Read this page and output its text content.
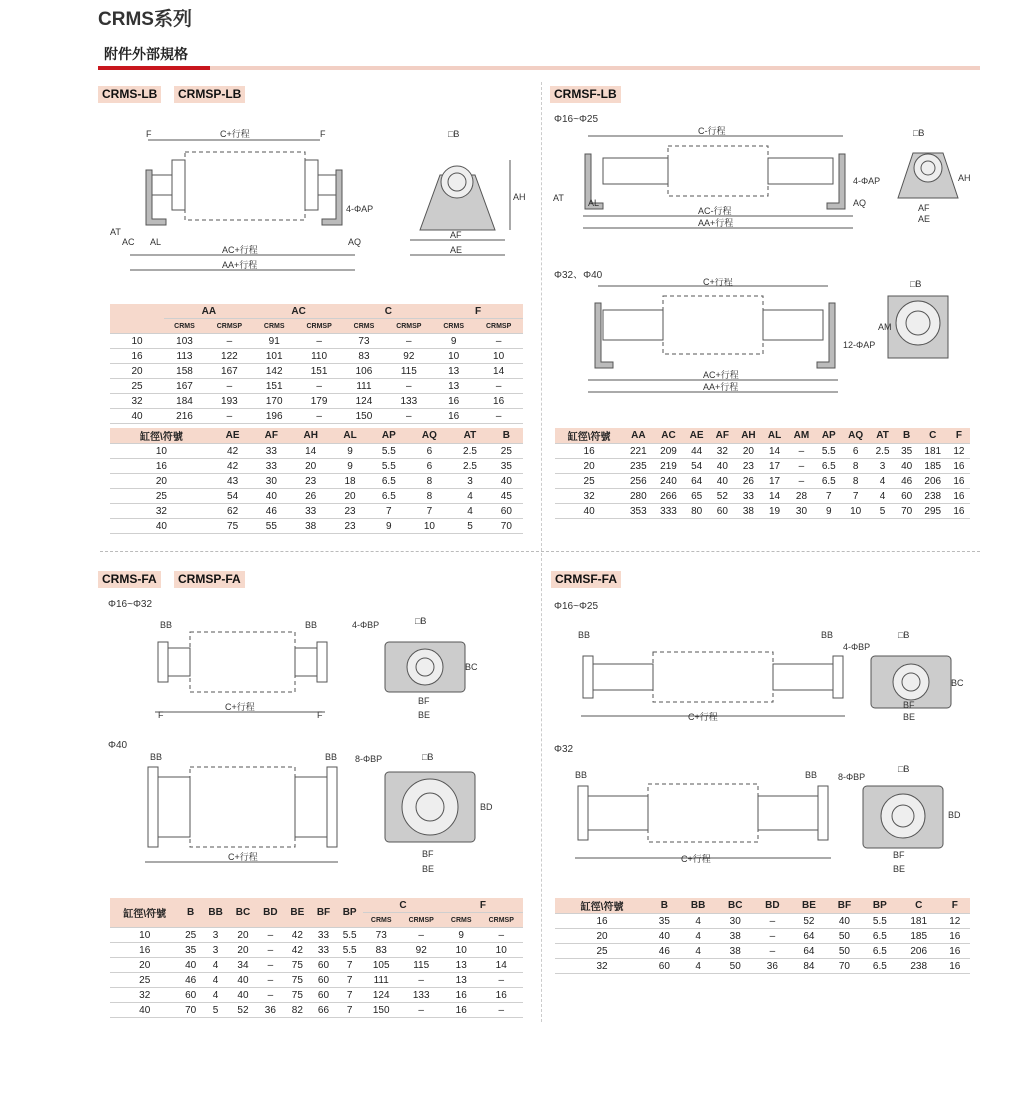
CRMS系列
附件外部規格
CRMS-LB	CRMSP-LB	CRMSF-LB
CRMS-FA	CRMSP-FA	CRMSF-FA
F	C+行程	F	□B
4-ΦAP
AT
AC AL	AQ
AH
AC+行程
AA+行程
AF
AE
	AA		AC		C		F	
	CRMS	CRMSP	CRMS	CRMSP	CRMS	CRMSP	CRMS	CRMSP
10	103	–	91	–	73	–	9	–
16	113	122	101	110	83	92	10	10
20	158	167	142	151	106	115	13	14
25	167	–	151	–	111	–	13	–
32	184	193	170	179	124	133	16	16
40	216	–	196	–	150	–	16	–
缸徑\符號	AE	AF	AH	AL	AP	AQ	AT	B
10	42	33	14	9	5.5	6	2.5	25
16	42	33	20	9	5.5	6	2.5	35
20	43	30	23	18	6.5	8	3	40
25	54	40	26	20	6.5	8	4	45
32	62	46	33	23	7	7	4	60
40	75	55	38	23	9	10	5	70
Φ16~Φ25
C-行程	□B
4-ΦAP	AH
AL	AQ
AT
AC-行程
AA+行程
AF
AE
Φ32、Φ40
C+行程	□B
12-ΦAP
AM
AC+行程
AA+行程
缸徑\符號	AA	AC	AE	AF	AH	AL	AM	AP	AQ	AT	B	C	F
16	221	209	44	32	20	14	–	5.5	6	2.5	35	181	12
20	235	219	54	40	23	17	–	6.5	8	3	40	185	16
25	256	240	64	40	26	17	–	6.5	8	4	46	206	16
32	280	266	65	52	33	14	28	7	7	4	60	238	16
40	353	333	80	60	38	19	30	9	10	5	70	295	16
Φ16~Φ32
BB	BB
C+行程
F	F
4-ΦBP	□B
BC
BF
BE
Φ40
BB	BB 8-ΦBP	□B
C+行程
BD
BF
BE
缸徑\符號	B	BB	BC	BD	BE	BF	BP	C		F	
								CRMS	CRMSP	CRMS	CRMSP
10	25	3	20	–	42	33	5.5	73	–	9	–
16	35	3	20	–	42	33	5.5	83	92	10	10
20	40	4	34	–	75	60	7	105	115	13	14
25	46	4	40	–	75	60	7	111	–	13	–
32	60	4	40	–	75	60	7	124	133	16	16
40	70	5	52	36	82	66	7	150	–	16	–
Φ16~Φ25
BB	BB
4-ΦBP
□B
C+行程
BC
BF
BE
Φ32
BB	BB 8-ΦBP
□B
C+行程
BD
BF
BE
缸徑\符號	B	BB	BC	BD	BE	BF	BP	C	F
16	35	4	30	–	52	40	5.5	181	12
20	40	4	38	–	64	50	6.5	185	16
25	46	4	38	–	64	50	6.5	206	16
32	60	4	50	36	84	70	6.5	238	16
